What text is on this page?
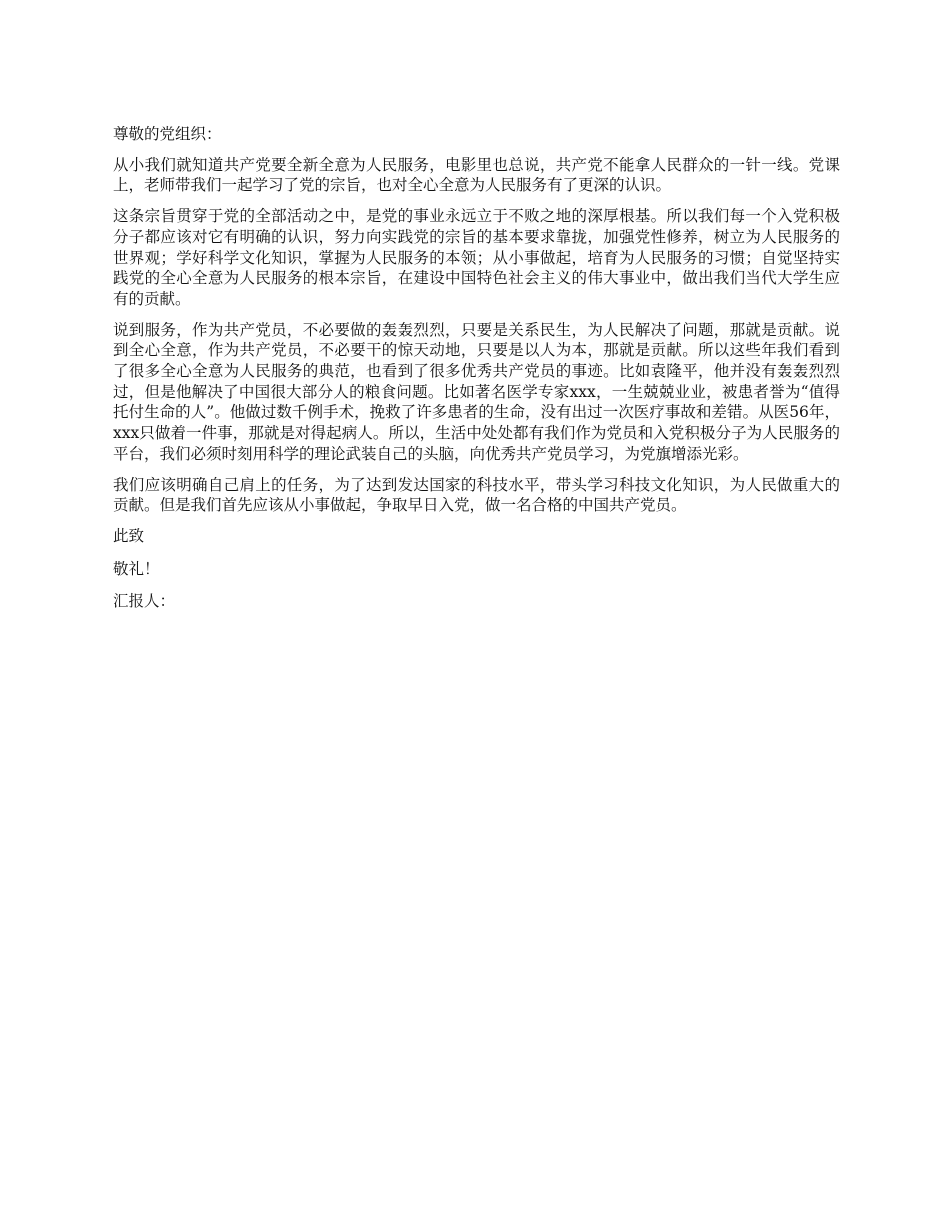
尊敬的党组织：
从小我们就知道共产党要全新全意为人民服务，电影里也总说，共产党不能拿人民群众的一针一线。党课上，老师带我们一起学习了党的宗旨，也对全心全意为人民服务有了更深的认识。
这条宗旨贯穿于党的全部活动之中，是党的事业永远立于不败之地的深厚根基。所以我们每一个入党积极分子都应该对它有明确的认识，努力向实践党的宗旨的基本要求靠拢，加强党性修养，树立为人民服务的世界观；学好科学文化知识，掌握为人民服务的本领；从小事做起，培育为人民服务的习惯；自觉坚持实践党的全心全意为人民服务的根本宗旨，在建设中国特色社会主义的伟大事业中，做出我们当代大学生应有的贡献。
说到服务，作为共产党员，不必要做的轰轰烈烈，只要是关系民生，为人民解决了问题，那就是贡献。说到全心全意，作为共产党员，不必要干的惊天动地，只要是以人为本，那就是贡献。所以这些年我们看到了很多全心全意为人民服务的典范，也看到了很多优秀共产党员的事迹。比如袁隆平，他并没有轰轰烈烈过，但是他解决了中国很大部分人的粮食问题。比如著名医学专家xxx，一生兢兢业业，被患者誉为“值得托付生命的人”。他做过数千例手术，挽救了许多患者的生命，没有出过一次医疗事故和差错。从医56年，xxx只做着一件事，那就是对得起病人。所以，生活中处处都有我们作为党员和入党积极分子为人民服务的平台，我们必须时刻用科学的理论武装自己的头脑，向优秀共产党员学习，为党旗增添光彩。
我们应该明确自己肩上的任务，为了达到发达国家的科技水平，带头学习科技文化知识，为人民做重大的贡献。但是我们首先应该从小事做起，争取早日入党，做一名合格的中国共产党员。
此致
敬礼！
汇报人：
